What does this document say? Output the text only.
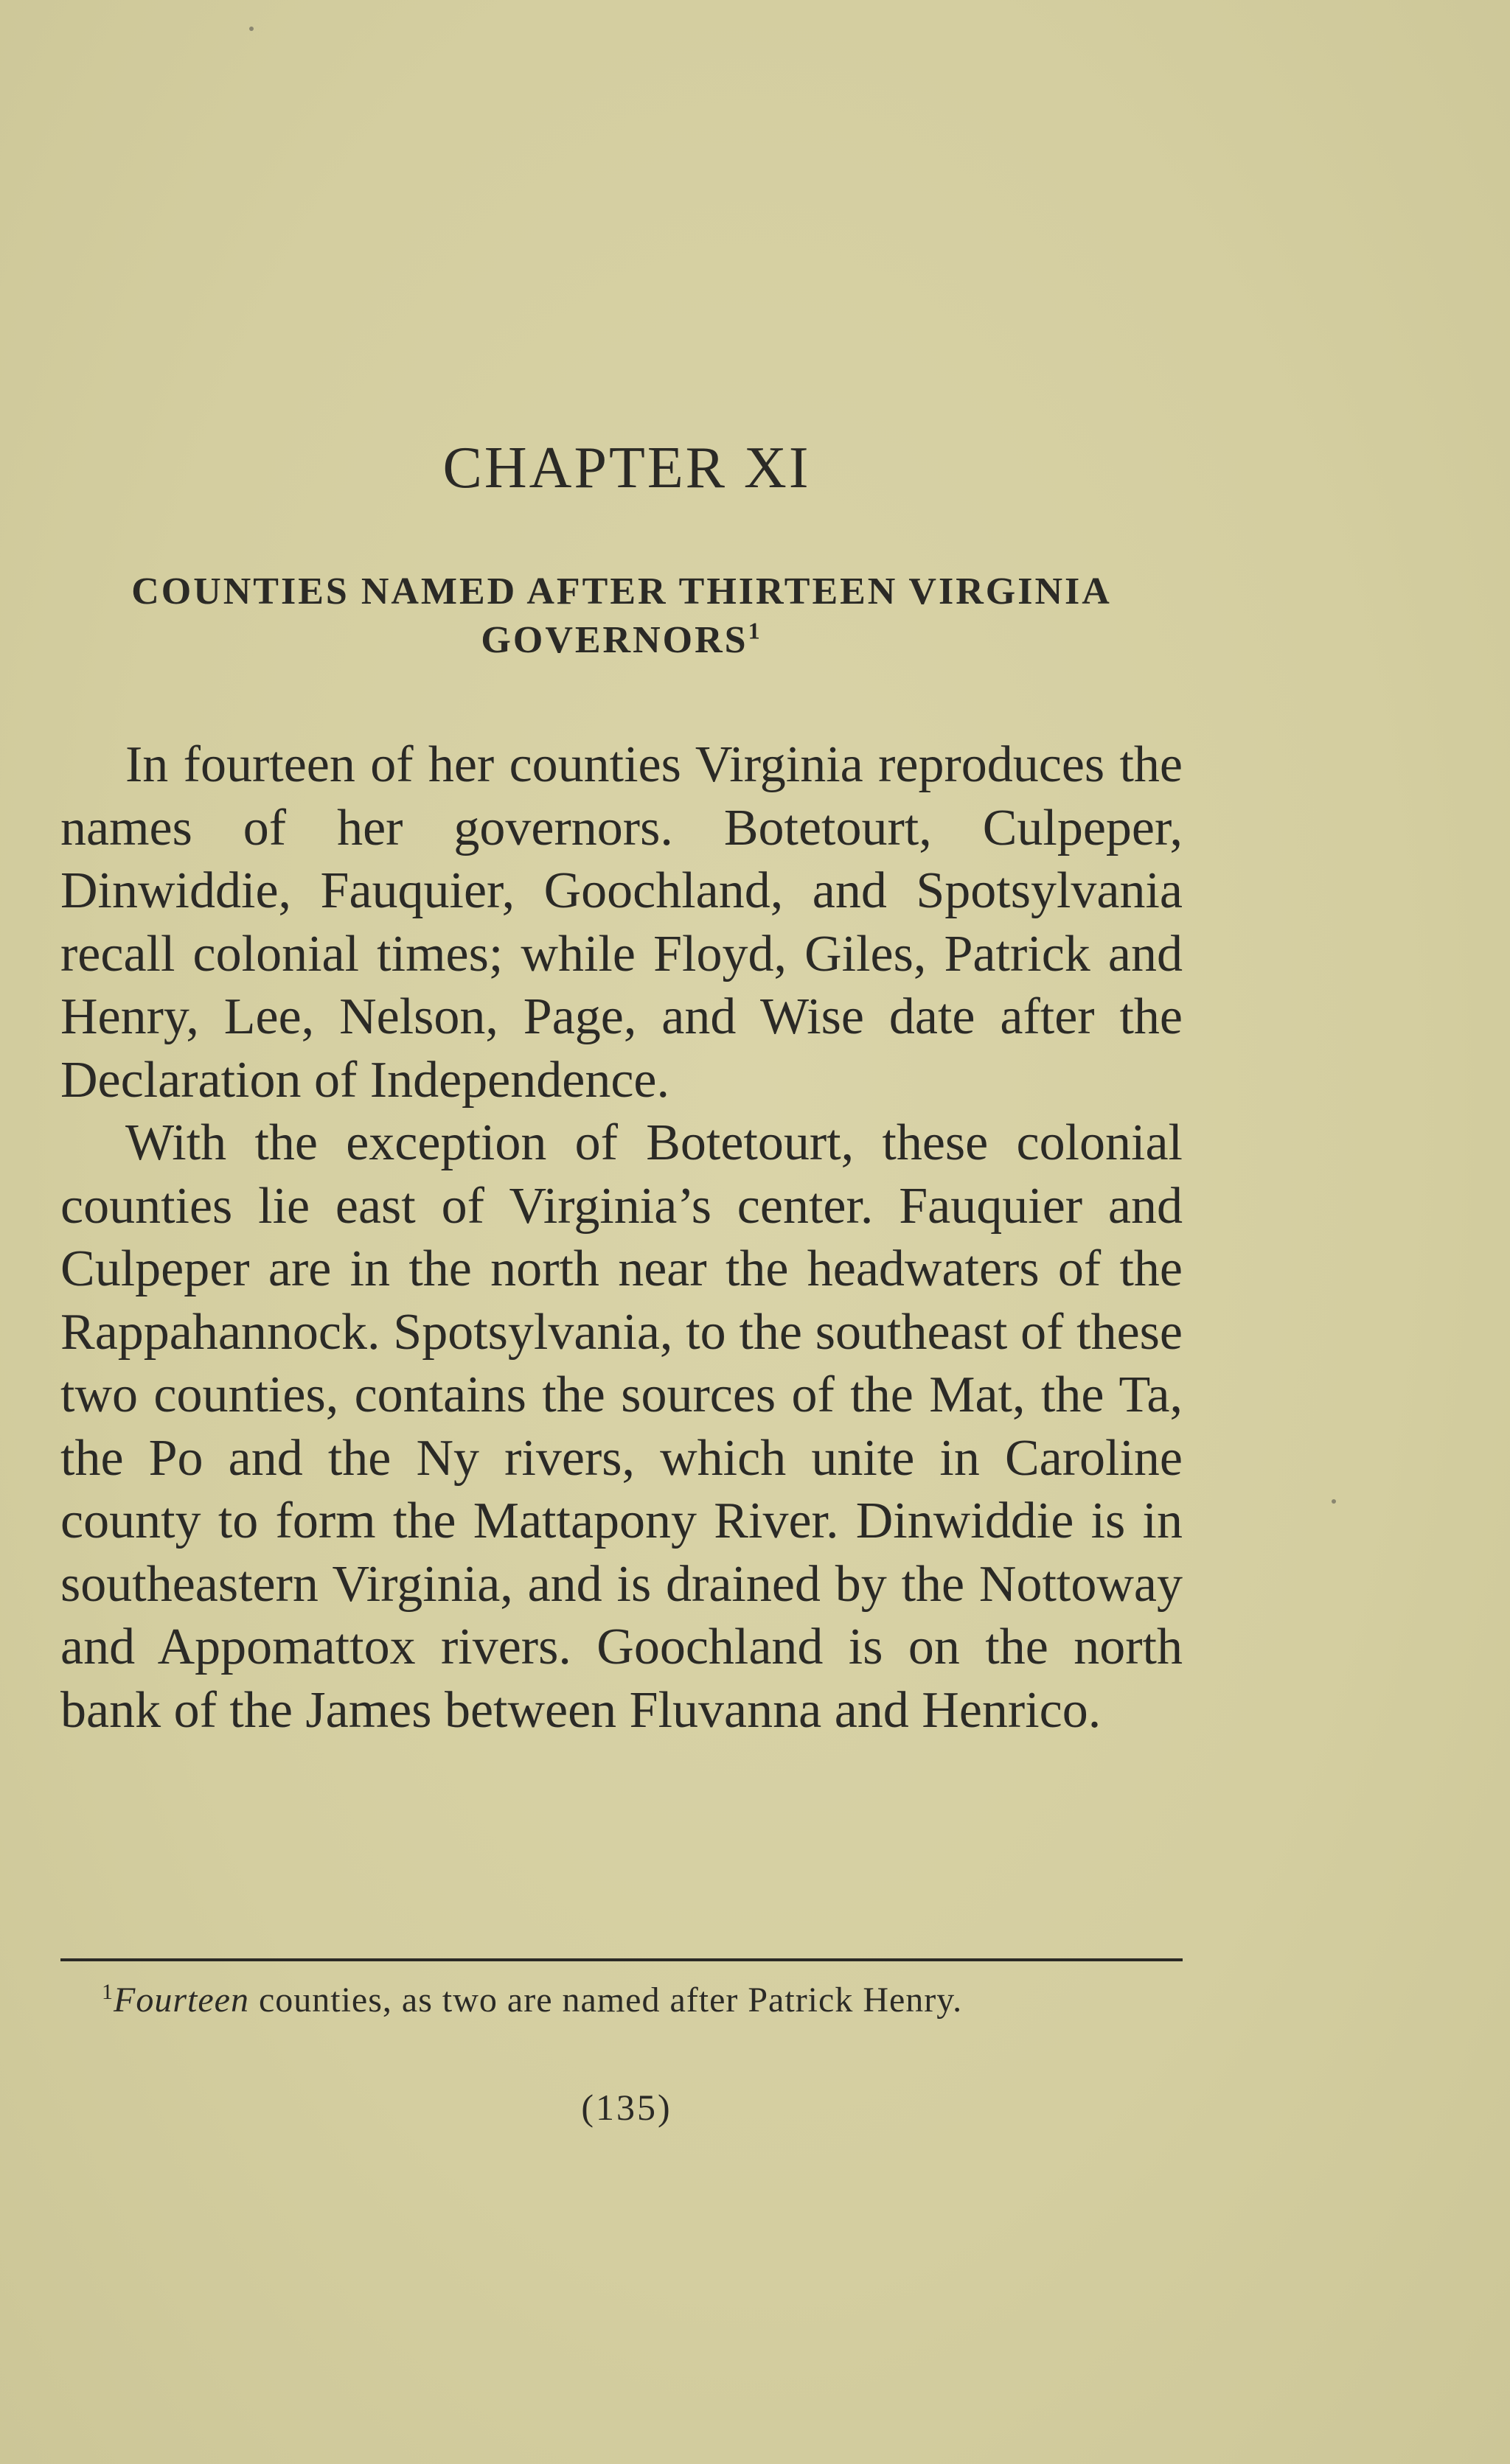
CHAPTER XI
COUNTIES NAMED AFTER THIRTEEN VIRGINIA GOVERNORS$^1$

In fourteen of her counties Virginia reproduces the names of her governors. Botetourt, Culpeper, Dinwiddie, Fauquier, Goochland, and Spotsylvania recall colonial times; while Floyd, Giles, Patrick and Henry, Lee, Nelson, Page, and Wise date after the Declaration of Independence.

With the exception of Botetourt, these colonial counties lie east of Virginia’s center. Fauquier and Culpeper are in the north near the headwaters of the Rappahannock. Spotsylvania, to the southeast of these two counties, contains the sources of the Mat, the Ta, the Po and the Ny rivers, which unite in Caroline county to form the Mattapony River. Dinwiddie is in southeastern Virginia, and is drained by the Nottoway and Appomattox rivers. Goochland is on the north bank of the James between Fluvanna and Henrico.

$^1$Fourteen counties, as two are named after Patrick Henry.

(135)
